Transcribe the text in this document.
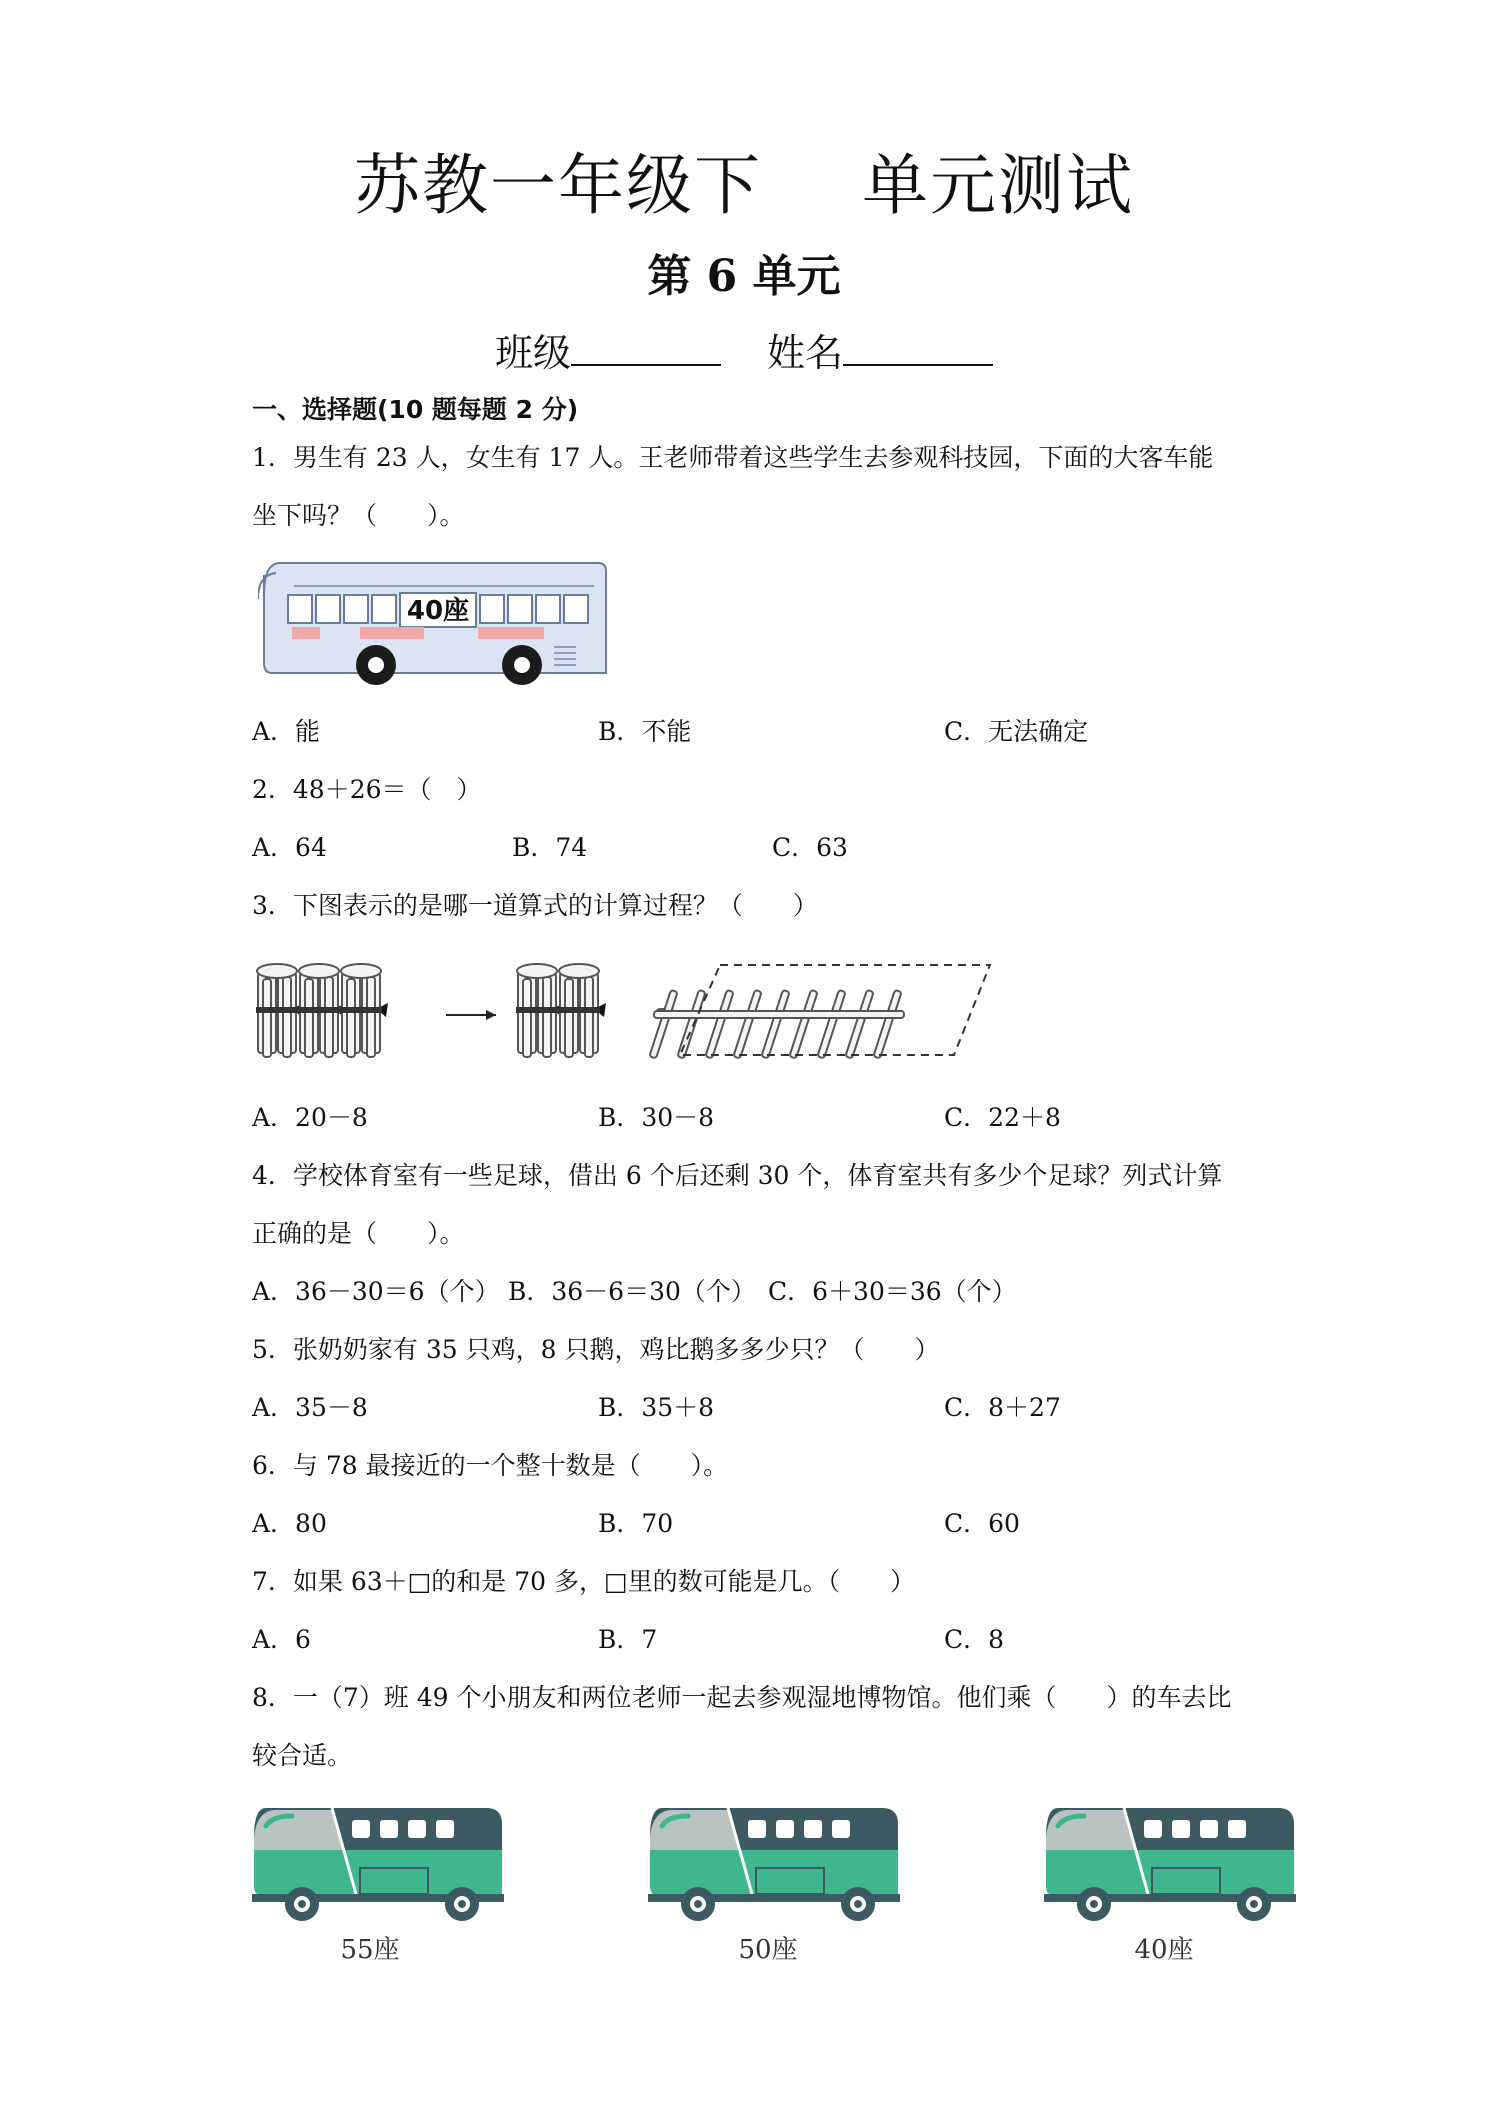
苏教一年级下 单元测试
第 6 单元
班级	姓名
一、选择题(10 题每题 2 分)
1．男生有 23 人，女生有 17 人。王老师带着这些学生去参观科技园，下面的大客车能
坐下吗？（　　）。
40座
A．能	B．不能	C．无法确定
2．48＋26＝（　）
A．64	B．74	C．63
3．下图表示的是哪一道算式的计算过程？（　　）
A．20－8	B．30－8	C．22＋8
4．学校体育室有一些足球，借出 6 个后还剩 30 个，体育室共有多少个足球？列式计算
正确的是（　　）。
A．36－30＝6（个） B．36－6＝30（个） C．6＋30＝36（个）
5．张奶奶家有 35 只鸡，8 只鹅，鸡比鹅多多少只？（　　）
A．35－8	B．35＋8	C．8＋27
6．与 78 最接近的一个整十数是（　　）。
A．80	B．70	C．60
7．如果 63＋□的和是 70 多，□里的数可能是几。（　　）
A．6	B．7	C．8
8．一（7）班 49 个小朋友和两位老师一起去参观湿地博物馆。他们乘（　　）的车去比
较合适。
55座	50座	40座
